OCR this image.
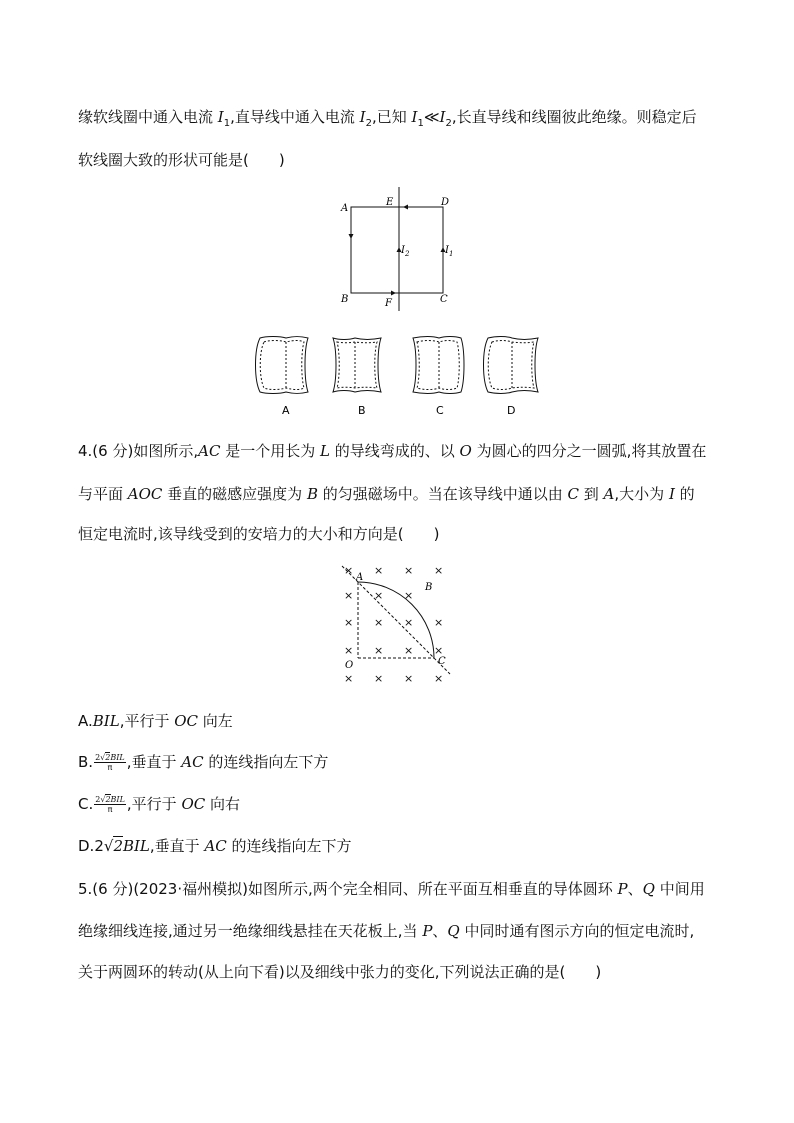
缘软线圈中通入电流 $I_1$,直导线中通入电流 $I_2$,已知 $I_1≪I_2$,长直导线和线圈彼此绝缘。则稳定后
软线圈大致的形状可能是(　　)
A
E	D
B	F	C
$I_2$	$I_1$
A	B	C	D
4.(6 分)如图所示,AC 是一个用长为 L 的导线弯成的、以 O 为圆心的四分之一圆弧,将其放置在
与平面 AOC 垂直的磁感应强度为 B 的匀强磁场中。当在该导线中通以由 C 到 A,大小为 I 的
恒定电流时,该导线受到的安培力的大小和方向是(　　)
× × × ×
× × ×
× × × ×
× × × ×
× × × ×
A
B
O	C
A.BIL,平行于 OC 向左
B. $\frac{\text{2√2BIL}}{\pi}$ ,垂直于 AC 的连线指向左下方
C. $\frac{\text{2√2BIL}}{\pi}$ ,平行于 OC 向右
D.2√2BIL,垂直于 AC 的连线指向左下方
5.(6 分)(2023·福州模拟)如图所示,两个完全相同、所在平面互相垂直的导体圆环 P、Q 中间用
绝缘细线连接,通过另一绝缘细线悬挂在天花板上,当 P、Q 中同时通有图示方向的恒定电流时,
关于两圆环的转动(从上向下看)以及细线中张力的变化,下列说法正确的是(　　)
